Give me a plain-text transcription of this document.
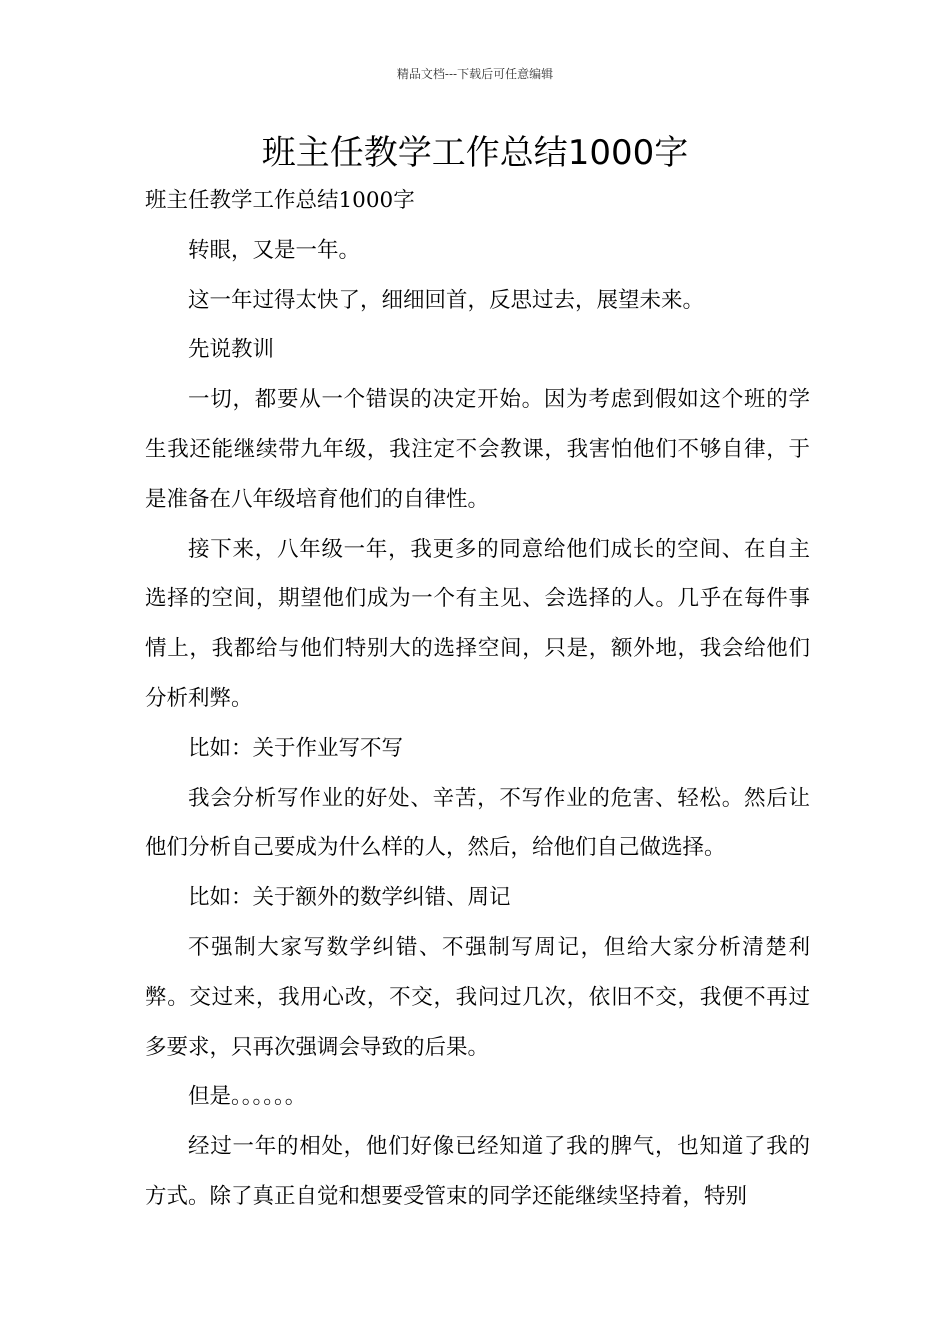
精品文档---下载后可任意编辑
班主任教学工作总结1000字

班主任教学工作总结1000字

转眼，又是一年。

这一年过得太快了，细细回首，反思过去，展望未来。

先说教训

一切，都要从一个错误的决定开始。因为考虑到假如这个班的学生我还能继续带九年级，我注定不会教课，我害怕他们不够自律，于是准备在八年级培育他们的自律性。

接下来，八年级一年，我更多的同意给他们成长的空间、在自主选择的空间，期望他们成为一个有主见、会选择的人。几乎在每件事情上，我都给与他们特别大的选择空间，只是，额外地，我会给他们分析利弊。

比如：关于作业写不写

我会分析写作业的好处、辛苦，不写作业的危害、轻松。然后让他们分析自己要成为什么样的人，然后，给他们自己做选择。

比如：关于额外的数学纠错、周记

不强制大家写数学纠错、不强制写周记，但给大家分析清楚利弊。交过来，我用心改，不交，我问过几次，依旧不交，我便不再过多要求，只再次强调会导致的后果。

但是。。。。。。

经过一年的相处，他们好像已经知道了我的脾气，也知道了我的方式。除了真正自觉和想要受管束的同学还能继续坚持着，特别
